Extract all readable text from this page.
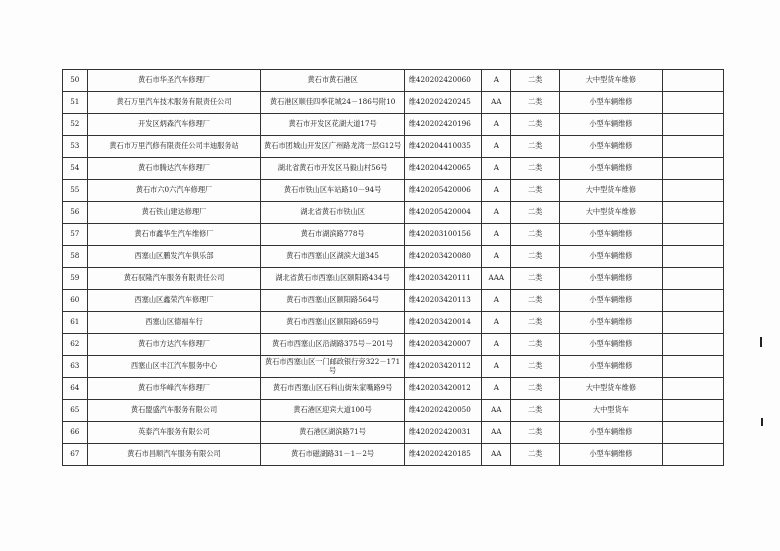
50	黄石市华圣汽车修理厂	黄石市黄石港区	维420202420060	A	二类	大中型货车维修	
51	黄石万里汽车技术服务有限责任公司	黄石港区顺佳四季花城24－186号附10	维420202420245	AA	二类	小型车辆维修	
52	开发区炳森汽车修理厂	黄石市开发区花湖大道17号	维420202420196	A	二类	小型车辆维修	
53	黄石市万里汽修有限责任公司丰迪服务站	黄石市团城山开发区广州路龙湾一层G12号	维420204410035	A	二类	小型车辆维修	
54	黄石市腾达汽车修理厂	湖北省黄石市开发区马毅山村56号	维420204420065	A	二类	小型车辆维修	
55	黄石市六0六汽车修理厂	黄石市铁山区车站路10－94号	维420205420006	A	二类	大中型货车维修	
56	黄石铁山建达修理厂	湖北省黄石市铁山区	维420205420004	A	二类	大中型货车维修	
57	黄石市鑫华生汽车维修厂	黄石市湖滨路778号	维420203100156	A	二类	小型车辆维修	
58	西塞山区鹏发汽车俱乐部	黄石市西塞山区湖滨大道345	维420203420080	A	二类	小型车辆维修	
59	黄石驭隆汽车服务有限责任公司	湖北省黄石市西塞山区颐阳路434号	维420203420111	AAA	二类	小型车辆维修	
60	西塞山区鑫荣汽车修理厂	黄石市西塞山区颐阳路564号	维420203420113	A	二类	小型车辆维修	
61	西塞山区德福车行	黄石市西塞山区颐阳路659号	维420203420014	A	二类	小型车辆维修	
62	黄石市方达汽车修理厂	黄石市西塞山区沿湖路375号－201号	维420203420007	A	二类	小型车辆维修	
63	西塞山区丰江汽车服务中心	黄石市西塞山区一门邮政银行旁322－171号	维420203420112	A	二类	小型车辆维修	
64	黄石市华峰汽车修理厂	黄石市西塞山区石料山街朱家嘴路9号	维420203420012	A	二类	大中型货车维修	
65	黄石盟盛汽车服务有限公司	黄石港区迎宾大道100号	维420202420050	AA	二类	大中型货车	
66	英泰汽车服务有限公司	黄石港区湖滨路71号	维420202420031	AA	二类	小型车辆维修	
67	黄石市昌顺汽车服务有限公司	黄石市磁湖路31－1－2号	维420202420185	AA	二类	小型车辆维修	
